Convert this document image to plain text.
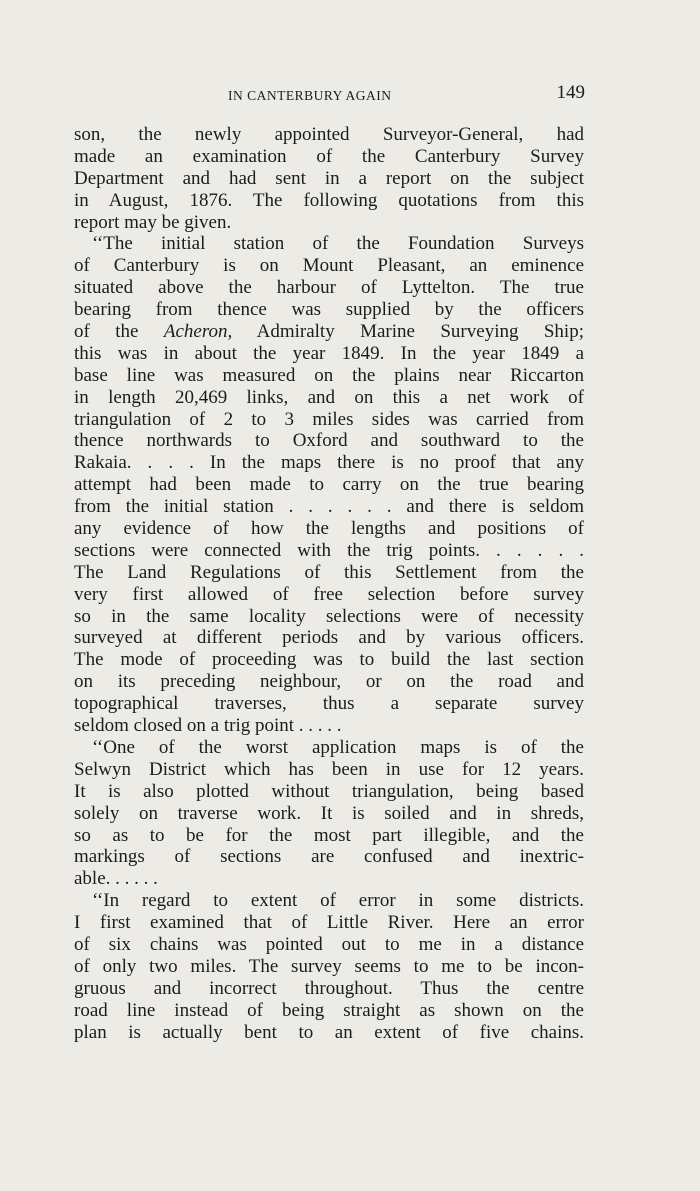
IN CANTERBURY AGAIN	149
son, the newly appointed Surveyor-General, had
made an examination of the Canterbury Survey
Department and had sent in a report on the subject
in August, 1876. The following quotations from this
report may be given.
‘‘The initial station of the Foundation Surveys
of Canterbury is on Mount Pleasant, an eminence
situated above the harbour of Lyttelton. The true
bearing from thence was supplied by the officers
of the Acheron, Admiralty Marine Surveying Ship;
this was in about the year 1849. In the year 1849 a
base line was measured on the plains near Riccarton
in length 20,469 links, and on this a net work of
triangulation of 2 to 3 miles sides was carried from
thence northwards to Oxford and southward to the
Rakaia. . . . In the maps there is no proof that any
attempt had been made to carry on the true bearing
from the initial station . . . . . . and there is seldom
any evidence of how the lengths and positions of
sections were connected with the trig points. . . . . .
The Land Regulations of this Settlement from the
very first allowed of free selection before survey
so in the same locality selections were of necessity
surveyed at different periods and by various officers.
The mode of proceeding was to build the last section
on its preceding neighbour, or on the road and
topographical traverses, thus a separate survey
seldom closed on a trig point . . . . .
‘‘One of the worst application maps is of the
Selwyn District which has been in use for 12 years.
It is also plotted without triangulation, being based
solely on traverse work. It is soiled and in shreds,
so as to be for the most part illegible, and the
markings of sections are confused and inextric-
able. . . . . .
‘‘In regard to extent of error in some districts.
I first examined that of Little River. Here an error
of six chains was pointed out to me in a distance
of only two miles. The survey seems to me to be incon-
gruous and incorrect throughout. Thus the centre
road line instead of being straight as shown on the
plan is actually bent to an extent of five chains.
